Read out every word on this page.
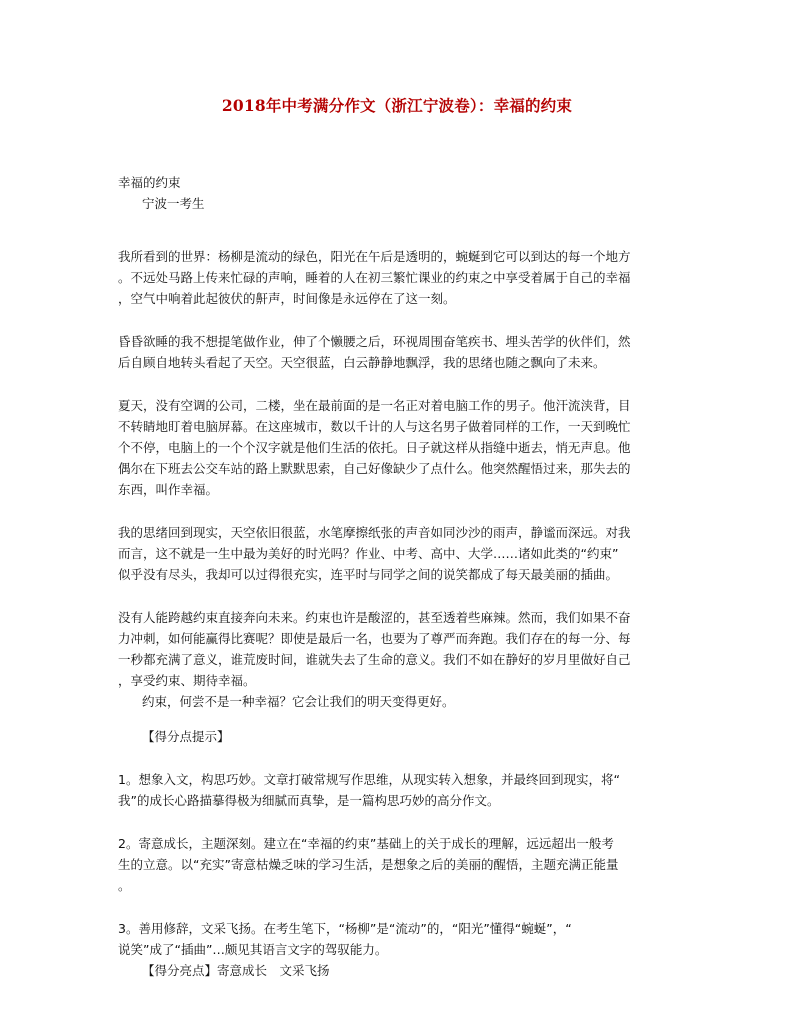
2018年中考满分作文（浙江宁波卷）：幸福的约束
幸福的约束
宁波一考生
我所看到的世界：杨柳是流动的绿色，阳光在午后是透明的，蜿蜒到它可以到达的每一个地方
。不远处马路上传来忙碌的声响，睡着的人在初三繁忙课业的约束之中享受着属于自己的幸福
，空气中响着此起彼伏的鼾声，时间像是永远停在了这一刻。
昏昏欲睡的我不想提笔做作业，伸了个懒腰之后，环视周围奋笔疾书、埋头苦学的伙伴们，然
后自顾自地转头看起了天空。天空很蓝，白云静静地飘浮，我的思绪也随之飘向了未来。
夏天，没有空调的公司，二楼，坐在最前面的是一名正对着电脑工作的男子。他汗流浃背，目
不转睛地盯着电脑屏幕。在这座城市，数以千计的人与这名男子做着同样的工作，一天到晚忙
个不停，电脑上的一个个汉字就是他们生活的依托。日子就这样从指缝中逝去，悄无声息。他
偶尔在下班去公交车站的路上默默思索，自己好像缺少了点什么。他突然醒悟过来，那失去的
东西，叫作幸福。
我的思绪回到现实，天空依旧很蓝，水笔摩擦纸张的声音如同沙沙的雨声，静谧而深远。对我
而言，这不就是一生中最为美好的时光吗？作业、中考、高中、大学……诸如此类的“约束”
似乎没有尽头，我却可以过得很充实，连平时与同学之间的说笑都成了每天最美丽的插曲。
没有人能跨越约束直接奔向未来。约束也许是酸涩的，甚至透着些麻辣。然而，我们如果不奋
力冲刺，如何能赢得比赛呢？即使是最后一名，也要为了尊严而奔跑。我们存在的每一分、每
一秒都充满了意义，谁荒废时间，谁就失去了生命的意义。我们不如在静好的岁月里做好自己
，享受约束、期待幸福。
约束，何尝不是一种幸福？它会让我们的明天变得更好。
【得分点提示】
1。想象入文，构思巧妙。文章打破常规写作思维，从现实转入想象，并最终回到现实，将“
我”的成长心路描摹得极为细腻而真挚，是一篇构思巧妙的高分作文。
2。寄意成长，主题深刻。建立在“幸福的约束”基础上的关于成长的理解，远远超出一般考
生的立意。以“充实”寄意枯燥乏味的学习生活，是想象之后的美丽的醒悟，主题充满正能量
。
3。善用修辞，文采飞扬。在考生笔下，“杨柳”是“流动”的，“阳光”懂得“蜿蜒”，“
说笑”成了“插曲”…颇见其语言文字的驾驭能力。
【得分亮点】寄意成长　文采飞扬
